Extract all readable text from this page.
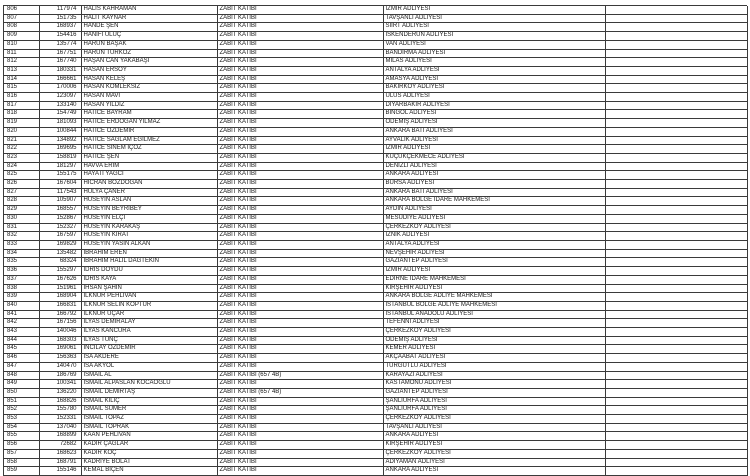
806	117974	HALİS KAHRAMAN	ZABIT KATİBİ	İZMİR ADLİYESİ	
807	151735	HALİT KAYNAR	ZABIT KATİBİ	TAVŞANLI ADLİYESİ	
808	168937	HANDE ŞEN	ZABIT KATİBİ	SİİRT ADLİYESİ	
809	154416	HANİFİ ULUÇ	ZABIT KATİBİ	İSKENDERUN ADLİYESİ	
810	135774	HARUN BAŞAK	ZABIT KATİBİ	VAN ADLİYESİ	
811	167751	HARUN TÜRKÖZ	ZABIT KATİBİ	BANDIRMA ADLİYESİ	
812	167740	HAŞAN CAN YAKABAŞI	ZABIT KATİBİ	MİLAS ADLİYESİ	
813	180331	HASAN ERSOY	ZABIT KATİBİ	ANTALYA ADLİYESİ	
814	166661	HASAN KELEŞ	ZABIT KATİBİ	AMASYA ADLİYESİ	
815	170006	HASAN KÖMLEKSİZ	ZABIT KATİBİ	BAKIRKÖY ADLİYESİ	
816	123097	HASAN MAVİ	ZABIT KATİBİ	ULUS ADLİYESİ	
817	133140	HASAN YILDIZ	ZABIT KATİBİ	DİYARBAKIR ADLİYESİ	
818	154749	HATİCE BAYRAM	ZABIT KATİBİ	BİNGÖL ADLİYESİ	
819	181093	HATİCE ERDOĞAN YILMAZ	ZABIT KATİBİ	ÖDEMİŞ ADLİYESİ	
820	100844	HATİCE ÖZDEMİR	ZABIT KATİBİ	ANKARA BATI ADLİYESİ	
821	134892	HATİCE SAĞLAM EĞİLMEZ	ZABIT KATİBİ	AYVALIK ADLİYESİ	
822	169695	HATİCE SİNEM İÇÖZ	ZABIT KATİBİ	İZMİR ADLİYESİ	
823	158819	HATİCE ŞEN	ZABIT KATİBİ	KÜÇÜKÇEKMECE ADLİYESİ	
824	181297	HAVVA ERİM	ZABIT KATİBİ	DENİZLİ ADLİYESİ	
825	155175	HAYATİ YAĞCI	ZABIT KATİBİ	ANKARA ADLİYESİ	
826	167604	HİCRAN BOZDOĞAN	ZABIT KATİBİ	BURSA ADLİYESİ	
827	117543	HÜLYA ÇANER	ZABIT KATİBİ	ANKARA BATI ADLİYESİ	
828	105907	HÜSEYİN ASLAN	ZABIT KATİBİ	ANKARA BÖLGE İDARE MAHKEMESİ	
829	168557	HÜSEYİN BEYRİBEY	ZABIT KATİBİ	AYDIN ADLİYESİ	
830	152867	HÜSEYİN ELÇİ	ZABIT KATİBİ	MESUDİYE ADLİYESİ	
831	152327	HÜSEYİN KARAKAŞ	ZABIT KATİBİ	ÇERKEZKÖY ADLİYESİ	
832	167597	HÜSEYİN KIRAT	ZABIT KATİBİ	İZNİK ADLİYESİ	
833	169829	HÜSEYİN YASİN ALKAN	ZABIT KATİBİ	ANTALYA ADLİYESİ	
834	135482	İBRAHİM EREN	ZABIT KATİBİ	NEVŞEHİR ADLİYESİ	
835	68324	İBRAHİM HALİL DAĞTEKİN	ZABIT KATİBİ	GAZİANTEP ADLİYESİ	
836	155297	İDRİS DOYDU	ZABIT KATİBİ	İZMİR ADLİYESİ	
837	167626	İDRİS KAYA	ZABIT KATİBİ	EDİRNE İDARE MAHKEMESİ	
838	151961	İHSAN ŞAHİN	ZABIT KATİBİ	KIRŞEHİR ADLİYESİ	
839	168904	İLKNUR PEHLİVAN	ZABIT KATİBİ	ANKARA BÖLGE ADLİYE MAHKEMESİ	
840	166831	İLKNUR SELİN KOPTUR	ZABIT KATİBİ	İSTANBUL BÖLGE ADLİYE MAHKEMESİ	
841	166792	İLKNUR UÇAR	ZABIT KATİBİ	İSTANBUL ANADOLU ADLİYESİ	
842	167156	İLYAS DEMİRALAY	ZABIT KATİBİ	TEFENNİ ADLİYESİ	
843	140046	İLYAS KANCURA	ZABIT KATİBİ	ÇERKEZKÖY ADLİYESİ	
844	168303	İLYAS TUNÇ	ZABIT KATİBİ	ÖDEMİŞ ADLİYESİ	
845	169061	İNCİLAY ÖZDEMİR	ZABIT KATİBİ	KEMER ADLİYESİ	
846	156363	İSA AKDERE	ZABIT KATİBİ	AKÇAABAT ADLİYESİ	
847	140470	İSA AKYOL	ZABIT KATİBİ	TURGUTLU ADLİYESİ	
848	186769	İSMAİL AL	ZABIT KATİBİ (657 4B)	KARAYAZI ADLİYESİ	
849	100341	İSMAİL ALPASLAN KOCAOĞLU	ZABIT KATİBİ	KASTAMONU ADLİYESİ	
850	136220	İSMAİL DEMİRTAŞ	ZABIT KATİBİ (657 4B)	GAZİANTEP ADLİYESİ	
851	168826	İSMAİL KILIÇ	ZABIT KATİBİ	ŞANLIURFA ADLİYESİ	
852	155780	İSMAİL SÜMER	ZABIT KATİBİ	ŞANLIURFA ADLİYESİ	
853	152331	İSMAİL TOPAZ	ZABIT KATİBİ	ÇERKEZKÖY ADLİYESİ	
854	137040	İSMAİL TOPRAK	ZABIT KATİBİ	TAVŞANLI ADLİYESİ	
855	168899	KAAN PEHLİVAN	ZABIT KATİBİ	ANKARA ADLİYESİ	
856	72682	KADİR ÇAĞLAR	ZABIT KATİBİ	KIRŞEHİR ADLİYESİ	
857	168623	KADİR KOÇ	ZABIT KATİBİ	ÇERKEZKÖY ADLİYESİ	
858	168791	KADRİYE BOLAT	ZABIT KATİBİ	ADIYAMAN ADLİYESİ	
859	155146	KEMAL BİÇEN	ZABIT KATİBİ	ANKARA ADLİYESİ	
